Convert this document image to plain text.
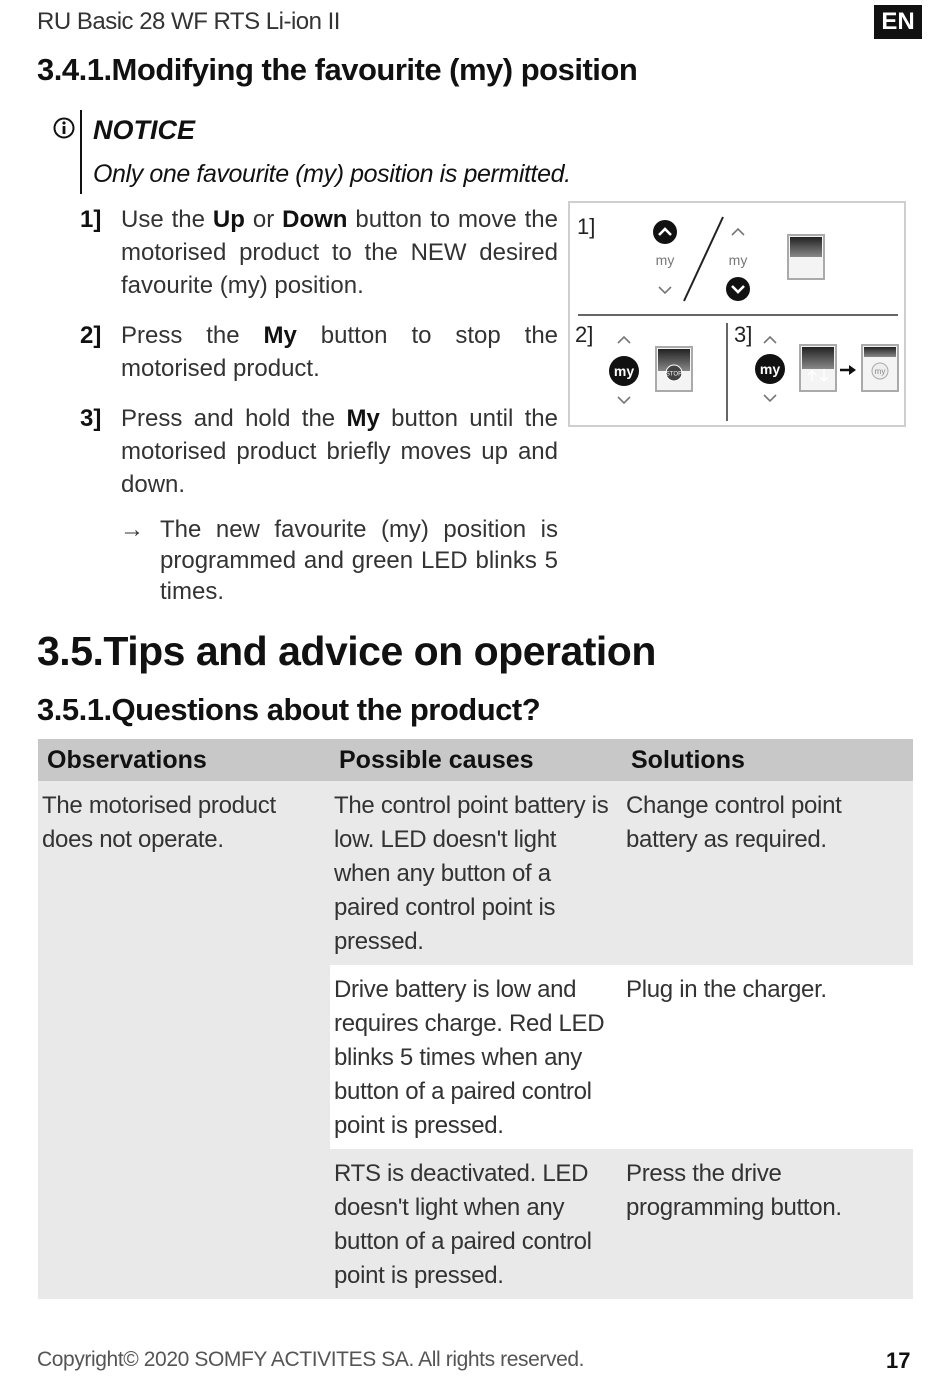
RU Basic 28 WF RTS Li-ion II	EN
3.4.1.Modifying the favourite (my) position
NOTICE
Only one favourite (my) position is permitted.
1] Use the Up or Down button to move the motorised product to the NEW desired favourite (my) position.
2] Press the My button to stop the motorised product.
3] Press and hold the My button until the motorised product briefly moves up and down.
→ The new favourite (my) position is programmed and green LED blinks 5 times.
1]
my	my
2]
my	STOP
3]
my	my
3.5.Tips and advice on operation
3.5.1.Questions about the product?
Observations	Possible causes	Solutions
The motorised product does not operate.	The control point battery is low. LED doesn't light when any button of a paired control point is pressed.	Change control point battery as required.
	Drive battery is low and requires charge. Red LED blinks 5 times when any button of a paired control point is pressed.	Plug in the charger.
	RTS is deactivated. LED doesn't light when any button of a paired control point is pressed.	Press the drive programming button.
Copyright© 2020 SOMFY ACTIVITES SA. All rights reserved.	17
